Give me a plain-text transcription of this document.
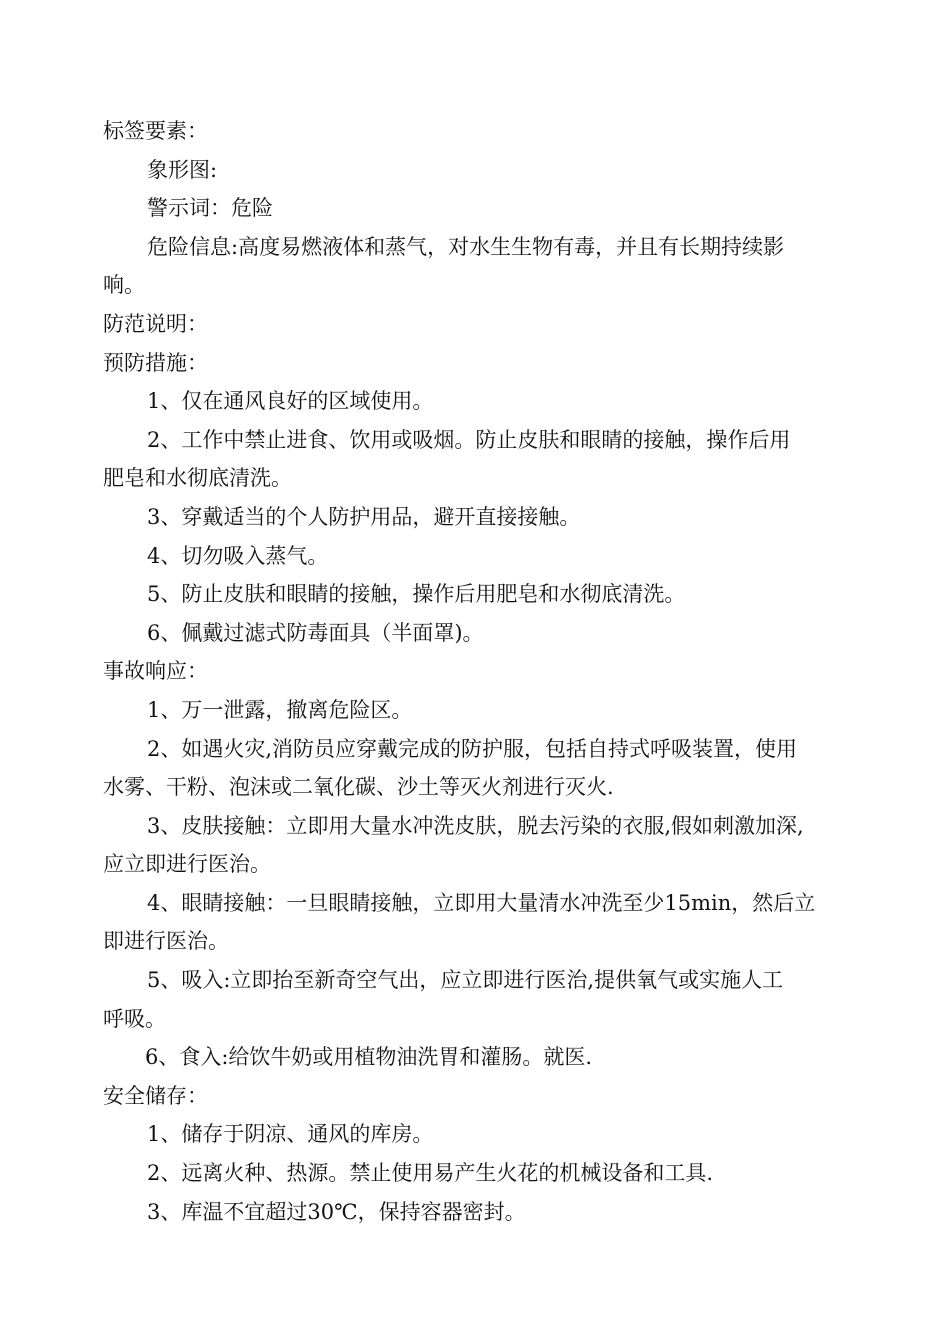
标签要素：

象形图:

警示词：危险

危险信息:高度易燃液体和蒸气，对水生生物有毒，并且有长期持续影

响。

防范说明：

预防措施：

1、仅在通风良好的区域使用。

2、工作中禁止进食、饮用或吸烟。防止皮肤和眼睛的接触，操作后用

肥皂和水彻底清洗。

3、穿戴适当的个人防护用品，避开直接接触。

4、切勿吸入蒸气。

5、防止皮肤和眼睛的接触，操作后用肥皂和水彻底清洗。

6、佩戴过滤式防毒面具（半面罩)。

事故响应：

1、万一泄露，撤离危险区。

2、如遇火灾,消防员应穿戴完成的防护服，包括自持式呼吸装置，使用

水雾、干粉、泡沫或二氧化碳、沙土等灭火剂进行灭火.

3、皮肤接触：立即用大量水冲洗皮肤，脱去污染的衣服,假如刺激加深,

应立即进行医治。

4、眼睛接触：一旦眼睛接触，立即用大量清水冲洗至少15min，然后立

即进行医治。

5、吸入:立即抬至新奇空气出，应立即进行医治,提供氧气或实施人工

呼吸。

6、食入:给饮牛奶或用植物油洗胃和灌肠。就医.

安全储存：

1、储存于阴凉、通风的库房。

2、远离火种、热源。禁止使用易产生火花的机械设备和工具.

3、库温不宜超过30℃，保持容器密封。
